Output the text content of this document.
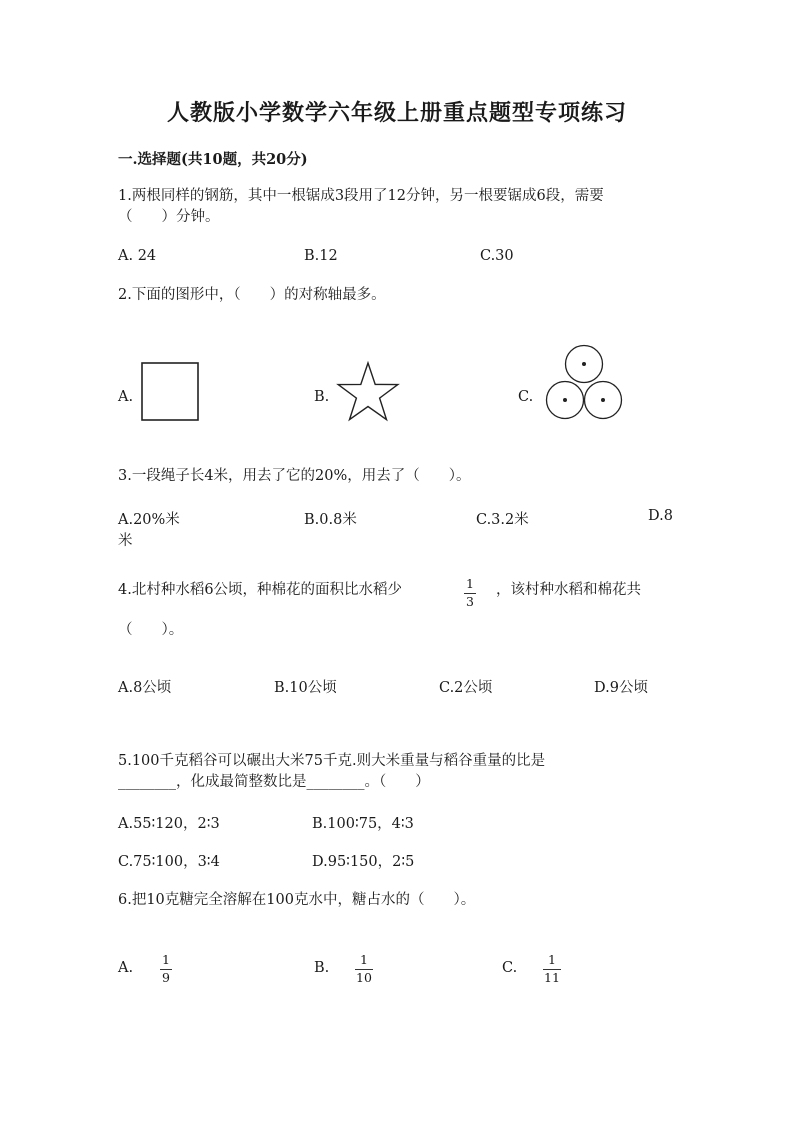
人教版小学数学六年级上册重点题型专项练习
一.选择题(共10题，共20分)
1.两根同样的钢筋，其中一根锯成3段用了12分钟，另一根要锯成6段，需要
（　　）分钟。
A. 24	B.12	C.30
2.下面的图形中，（　　）的对称轴最多。
A.	B.	C.
3.一段绳子长4米，用去了它的20%，用去了（　　）。
A.20%米	B.0.8米	C.3.2米	D.8
米
4.北村种水稻6公顷，种棉花的面积比水稻少	1
3
，该村种水稻和棉花共
（　　）。
A.8公顷	B.10公顷	C.2公顷	D.9公顷
5.100千克稻谷可以碾出大米75千克.则大米重量与稻谷重量的比是
________，化成最简整数比是________。（　　）
A.55∶120，2∶3	B.100∶75，4∶3
C.75∶100，3∶4	D.95∶150，2∶5
6.把10克糖完全溶解在100克水中，糖占水的（　　）。
A.
1
9
B.
1
10
C.
1
11
